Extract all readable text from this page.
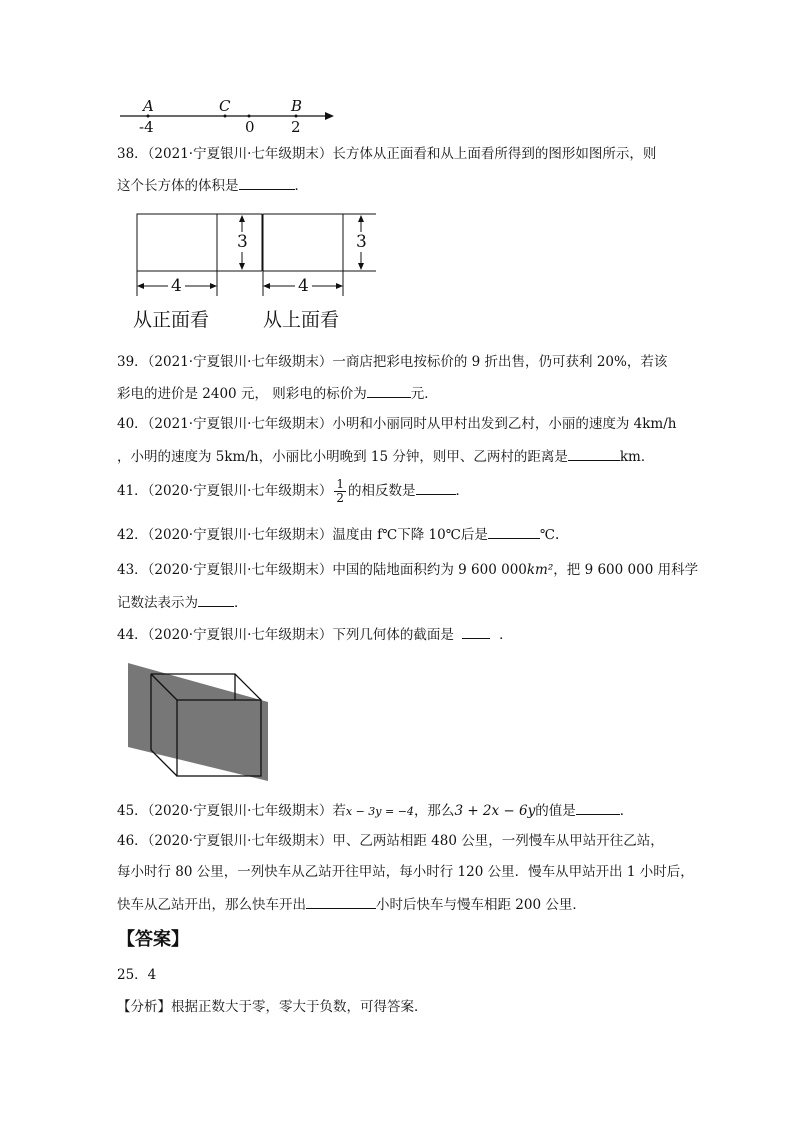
A	C	B
-4	0 2
38．（2021·宁夏银川·七年级期末）长方体从正面看和从上面看所得到的图形如图所示，则
这个长方体的体积是	．
3	3
4	4
从正面看	从上面看
39．（2021·宁夏银川·七年级期末）一商店把彩电按标价的 9 折出售，仍可获利 20%，若该
彩电的进价是 2400 元， 则彩电的标价为	元．
40．（2021·宁夏银川·七年级期末）小明和小丽同时从甲村出发到乙村，小丽的速度为 4km/h
，小明的速度为 5km/h，小丽比小明晚到 15 分钟，则甲、乙两村的距离是	km．
41．（2020·宁夏银川·七年级期末） $\frac{1}{2}$ 的相反数是	．
42．（2020·宁夏银川·七年级期末）温度由 f℃下降 10℃后是	℃.
43．（2020·宁夏银川·七年级期末）中国的陆地面积约为 9 600 000km²，把 9 600 000 用科学
记数法表示为	．
44．（2020·宁夏银川·七年级期末）下列几何体的截面是	．
45．（2020·宁夏银川·七年级期末）若x − 3y = −4，那么3 + 2x − 6y的值是	．
46．（2020·宁夏银川·七年级期末）甲、乙两站相距 480 公里，一列慢车从甲站开往乙站，
每小时行 80 公里，一列快车从乙站开往甲站，每小时行 120 公里．慢车从甲站开出 1 小时后，
快车从乙站开出，那么快车开出	小时后快车与慢车相距 200 公里．
【答案】
25．4
【分析】根据正数大于零，零大于负数，可得答案．
